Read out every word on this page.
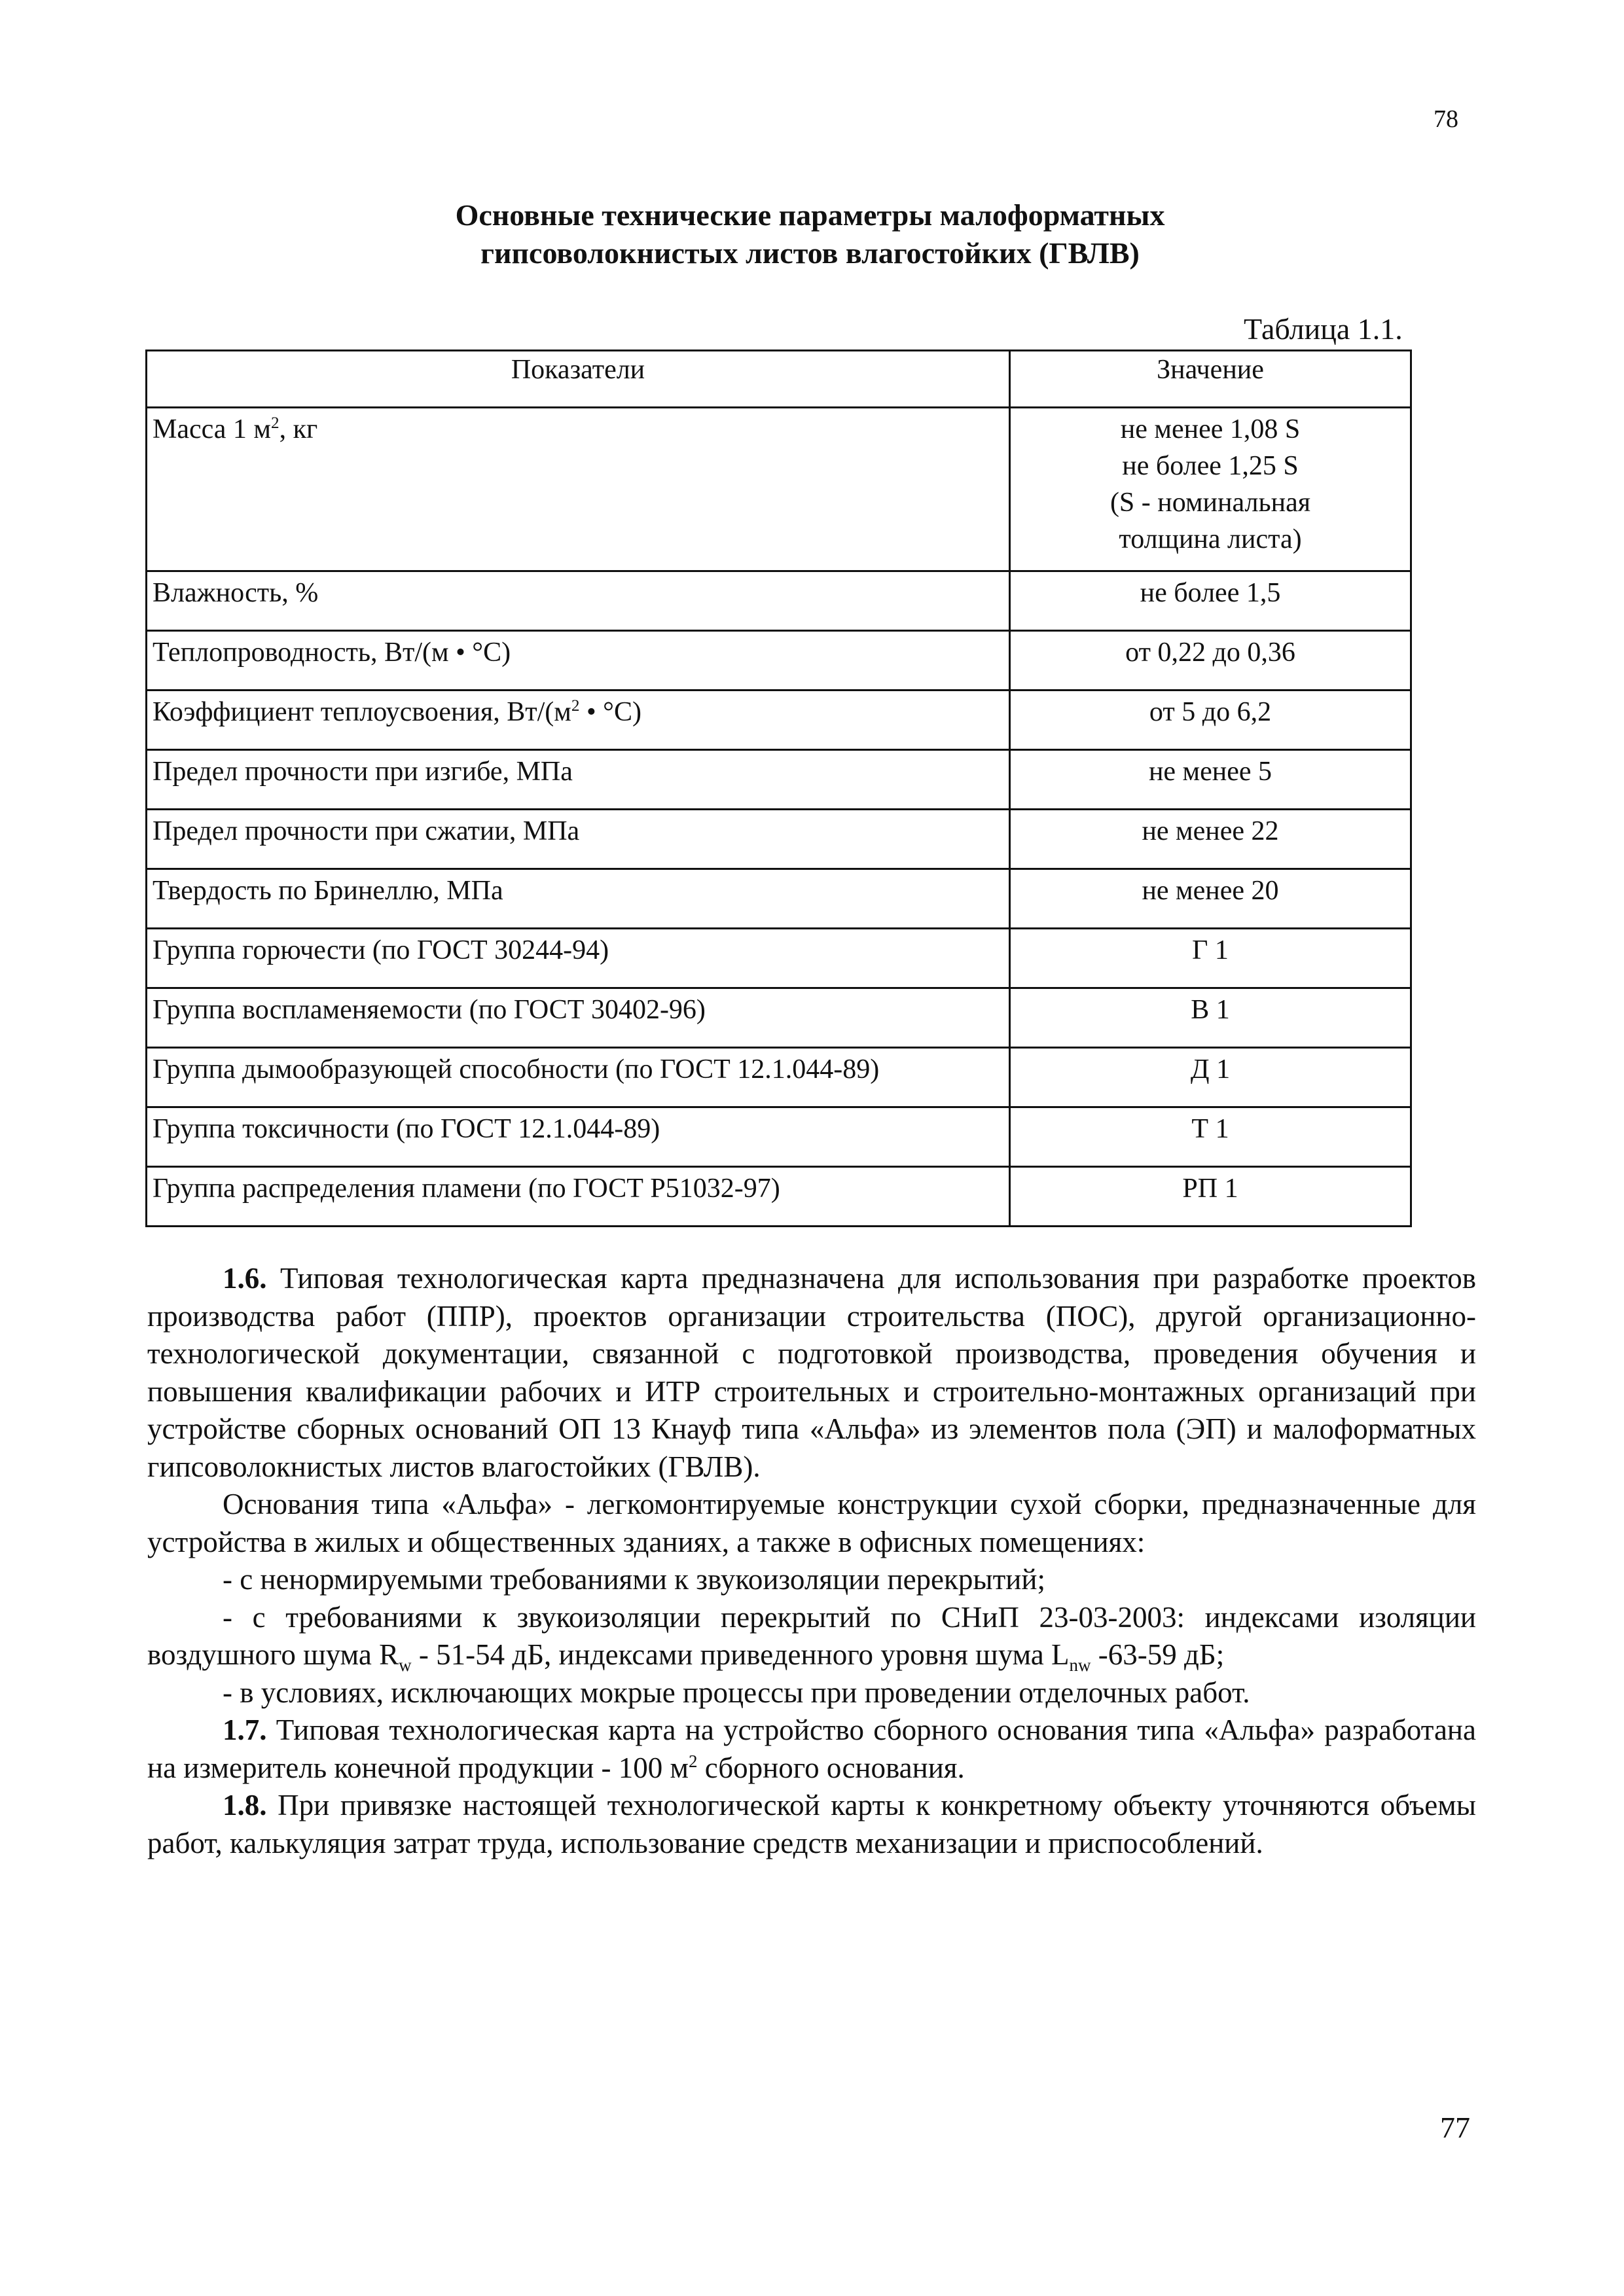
78
Основные технические параметры малоформатных
гипсоволокнистых листов влагостойких (ГВЛВ)
Таблица 1.1.
Показатели	Значение
Масса 1 $м^2$, кг	не менее 1,08 S
не более 1,25 S
(S - номинальная
толщина листа)

Влажность, %	не более 1,5
Теплопроводность, Вт/(м • °С)	от 0,22 до 0,36
Коэффициент теплоусвоения, $Вт/(м^2$ • °С)	от 5 до 6,2
Предел прочности при изгибе, МПа	не менее 5
Предел прочности при сжатии, МПа	не менее 22
Твердость по Бринеллю, МПа	не менее 20
Группа горючести (по ГОСТ 30244-94)	Г 1
Группа воспламеняемости (по ГОСТ 30402-96)	В 1
Группа дымообразующей способности (по ГОСТ 12.1.044-89)	Д 1
Группа токсичности (по ГОСТ 12.1.044-89)	Т 1
Группа распределения пламени (по ГОСТ Р51032-97)	РП 1

1.6. Типовая технологическая карта предназначена для использования при разработке проектов производства работ (ППР), проектов организации строительства (ПОС), другой организационно-технологической документации, связанной с подготовкой производства, проведения обучения и повышения квалификации рабочих и ИТР строительных и строительно-монтажных организаций при устройстве сборных оснований ОП 13 Кнауф типа «Альфа» из элементов пола (ЭП) и малоформатных гипсоволокнистых листов влагостойких (ГВЛВ).

Основания типа «Альфа» - легкомонтируемые конструкции сухой сборки, предназначенные для устройства в жилых и общественных зданиях, а также в офисных помещениях:

- с ненормируемыми требованиями к звукоизоляции перекрытий;

- с требованиями к звукоизоляции перекрытий по СНиП 23-03-2003: индексами изоляции воздушного шума $R_w - 51-54$ дБ, индексами приведенного уровня шума $L_{nw}$ -63-59 дБ;

- в условиях, исключающих мокрые процессы при проведении отделочных работ.

1.7. Типовая технологическая карта на устройство сборного основания типа «Альфа» разработана на измеритель конечной продукции - 100 $м^2$ сборного основания.

1.8. При привязке настоящей технологической карты к конкретному объекту уточняются объемы работ, калькуляция затрат труда, использование средств механизации и приспособлений.

77
